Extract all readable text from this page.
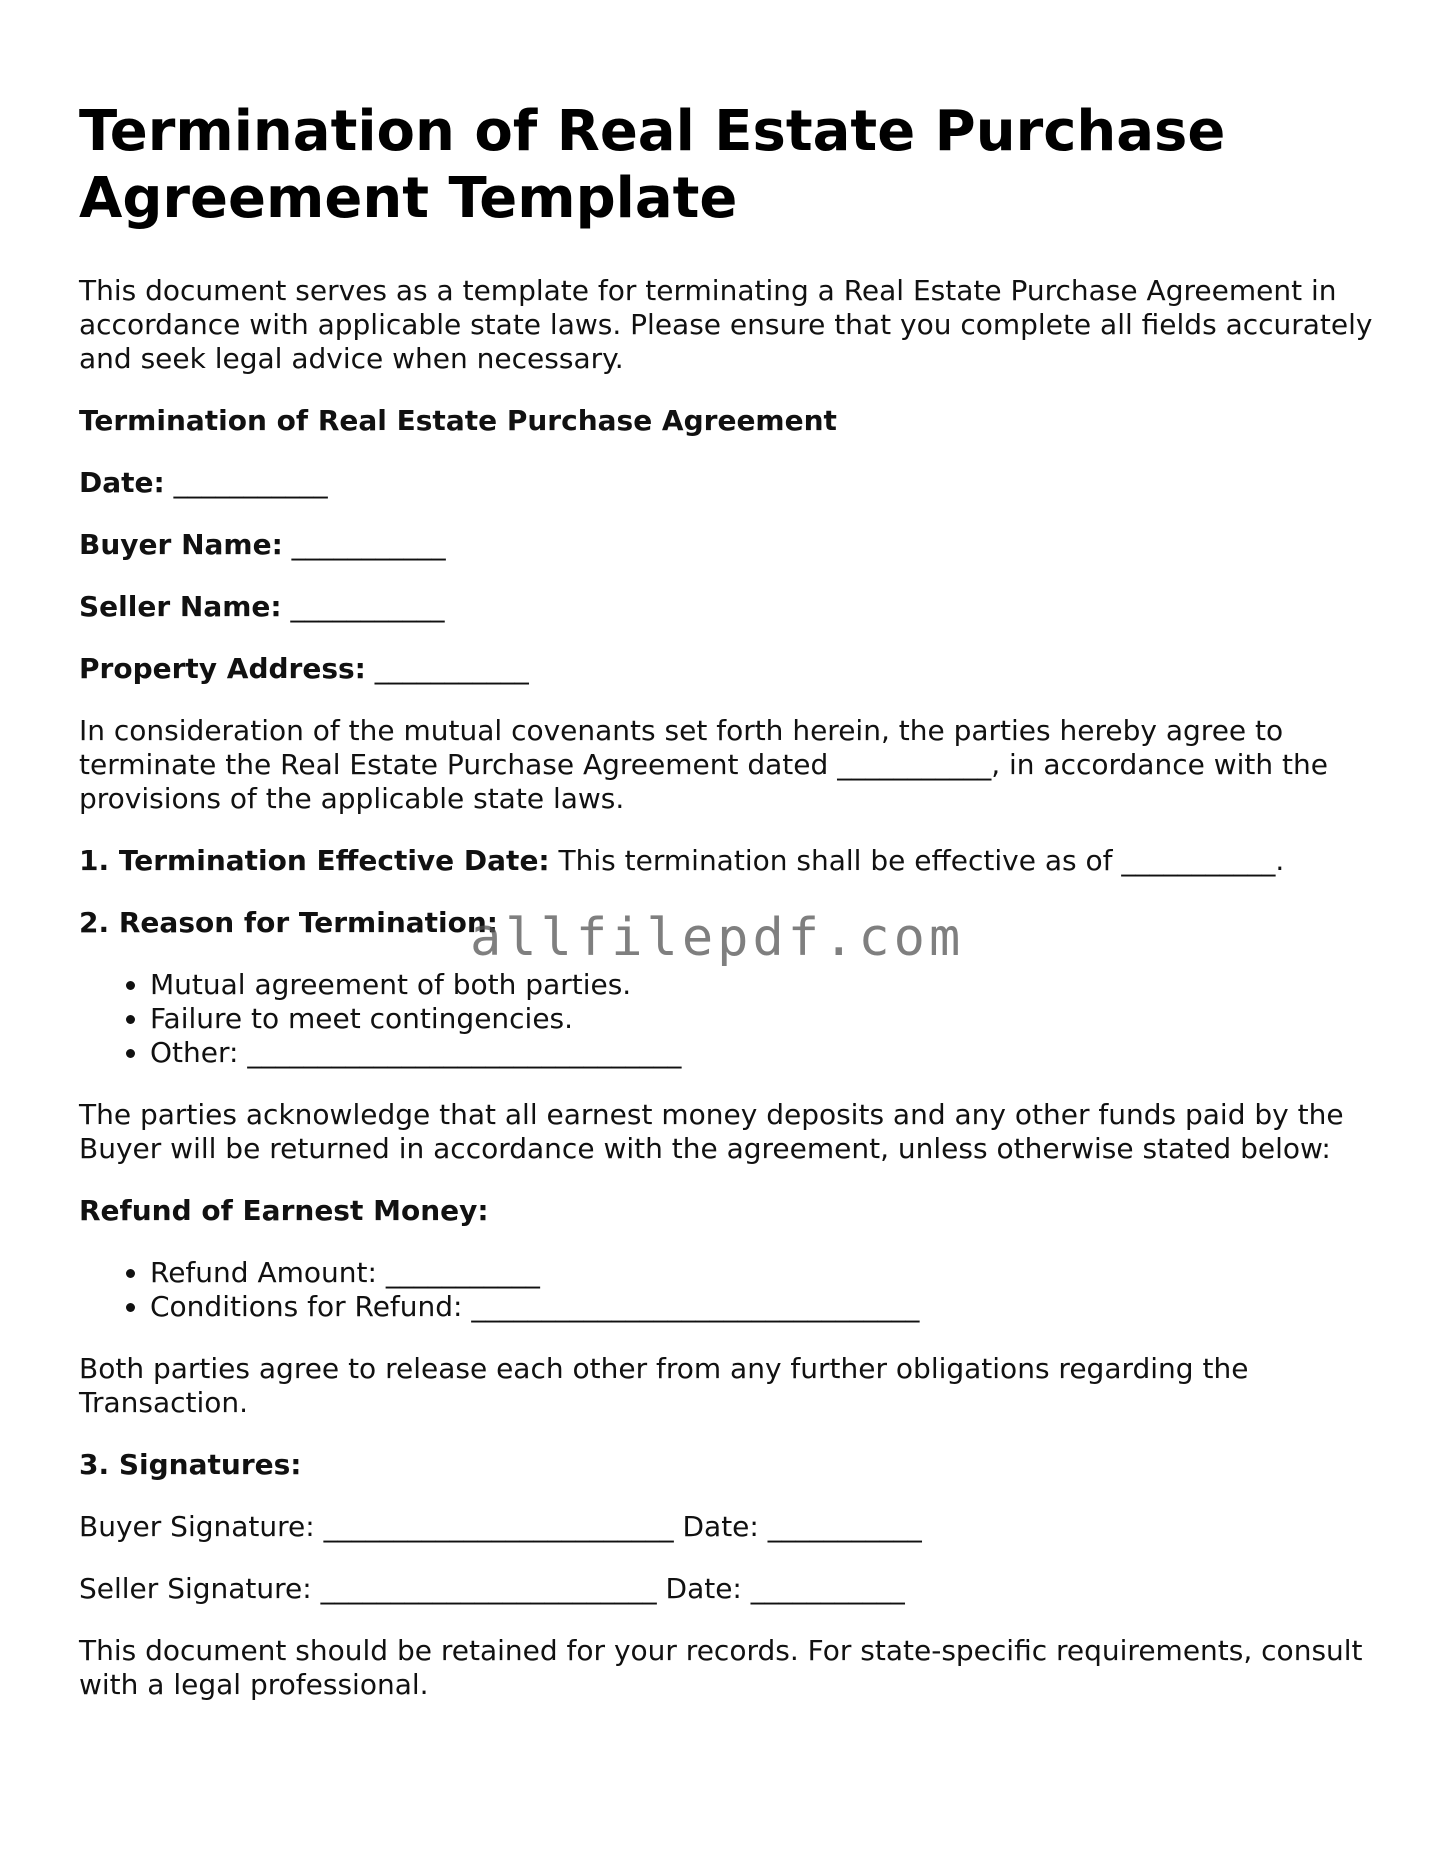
Termination of Real Estate Purchase Agreement Template

This document serves as a template for terminating a Real Estate Purchase Agreement in accordance with applicable state laws. Please ensure that you complete all fields accurately and seek legal advice when necessary.

Termination of Real Estate Purchase Agreement

Date: ___________

Buyer Name: ___________

Seller Name: ___________

Property Address: ___________

In consideration of the mutual covenants set forth herein, the parties hereby agree to terminate the Real Estate Purchase Agreement dated ___________, in accordance with the provisions of the applicable state laws.

1. Termination Effective Date: This termination shall be effective as of ___________.

2. Reason for Termination:

• Mutual agreement of both parties.
• Failure to meet contingencies.
• Other: _______________________________

The parties acknowledge that all earnest money deposits and any other funds paid by the Buyer will be returned in accordance with the agreement, unless otherwise stated below:

Refund of Earnest Money:

• Refund Amount: ___________
• Conditions for Refund: ________________________________

Both parties agree to release each other from any further obligations regarding the Transaction.

3. Signatures:

Buyer Signature: _________________________ Date: ___________

Seller Signature: ________________________ Date: ___________

This document should be retained for your records. For state-specific requirements, consult with a legal professional.

allfilepdf.com
